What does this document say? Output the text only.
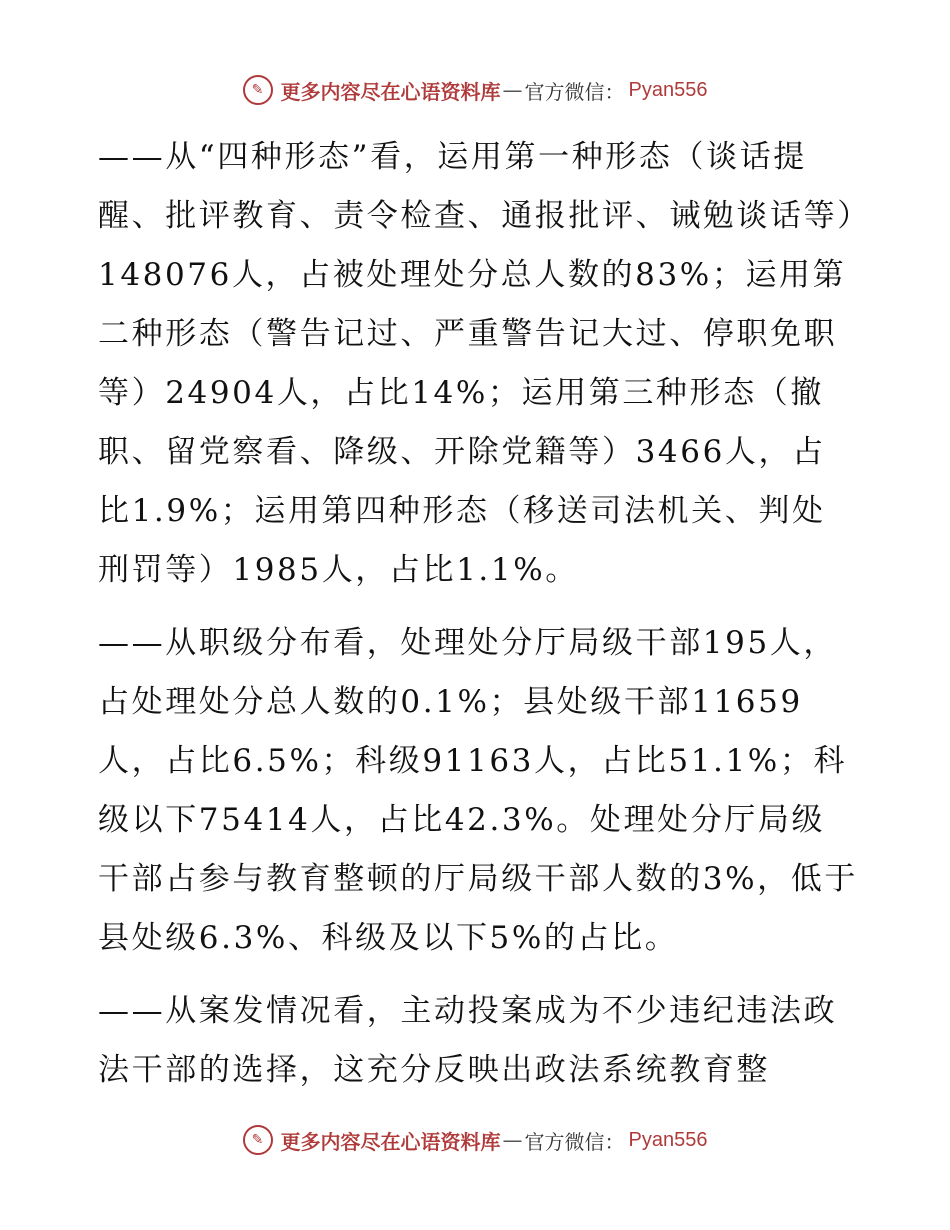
✎ 更多内容尽在心语资料库 — 官方微信： Pyan556

——从“四种形态”看，运用第一种形态（谈话提醒、批评教育、责令检查、通报批评、诫勉谈话等）148076人，占被处理处分总人数的83%；运用第二种形态（警告记过、严重警告记大过、停职免职等）24904人，占比14%；运用第三种形态（撤职、留党察看、降级、开除党籍等）3466人，占比1.9%；运用第四种形态（移送司法机关、判处刑罚等）1985人，占比1.1%。

——从职级分布看，处理处分厅局级干部195人，占处理处分总人数的0.1%；县处级干部11659人，占比6.5%；科级91163人，占比51.1%；科级以下75414人，占比42.3%。处理处分厅局级干部占参与教育整顿的厅局级干部人数的3%，低于县处级6.3%、科级及以下5%的占比。

——从案发情况看，主动投案成为不少违纪违法政法干部的选择，这充分反映出政法系统教育整

✎ 更多内容尽在心语资料库 — 官方微信： Pyan556
